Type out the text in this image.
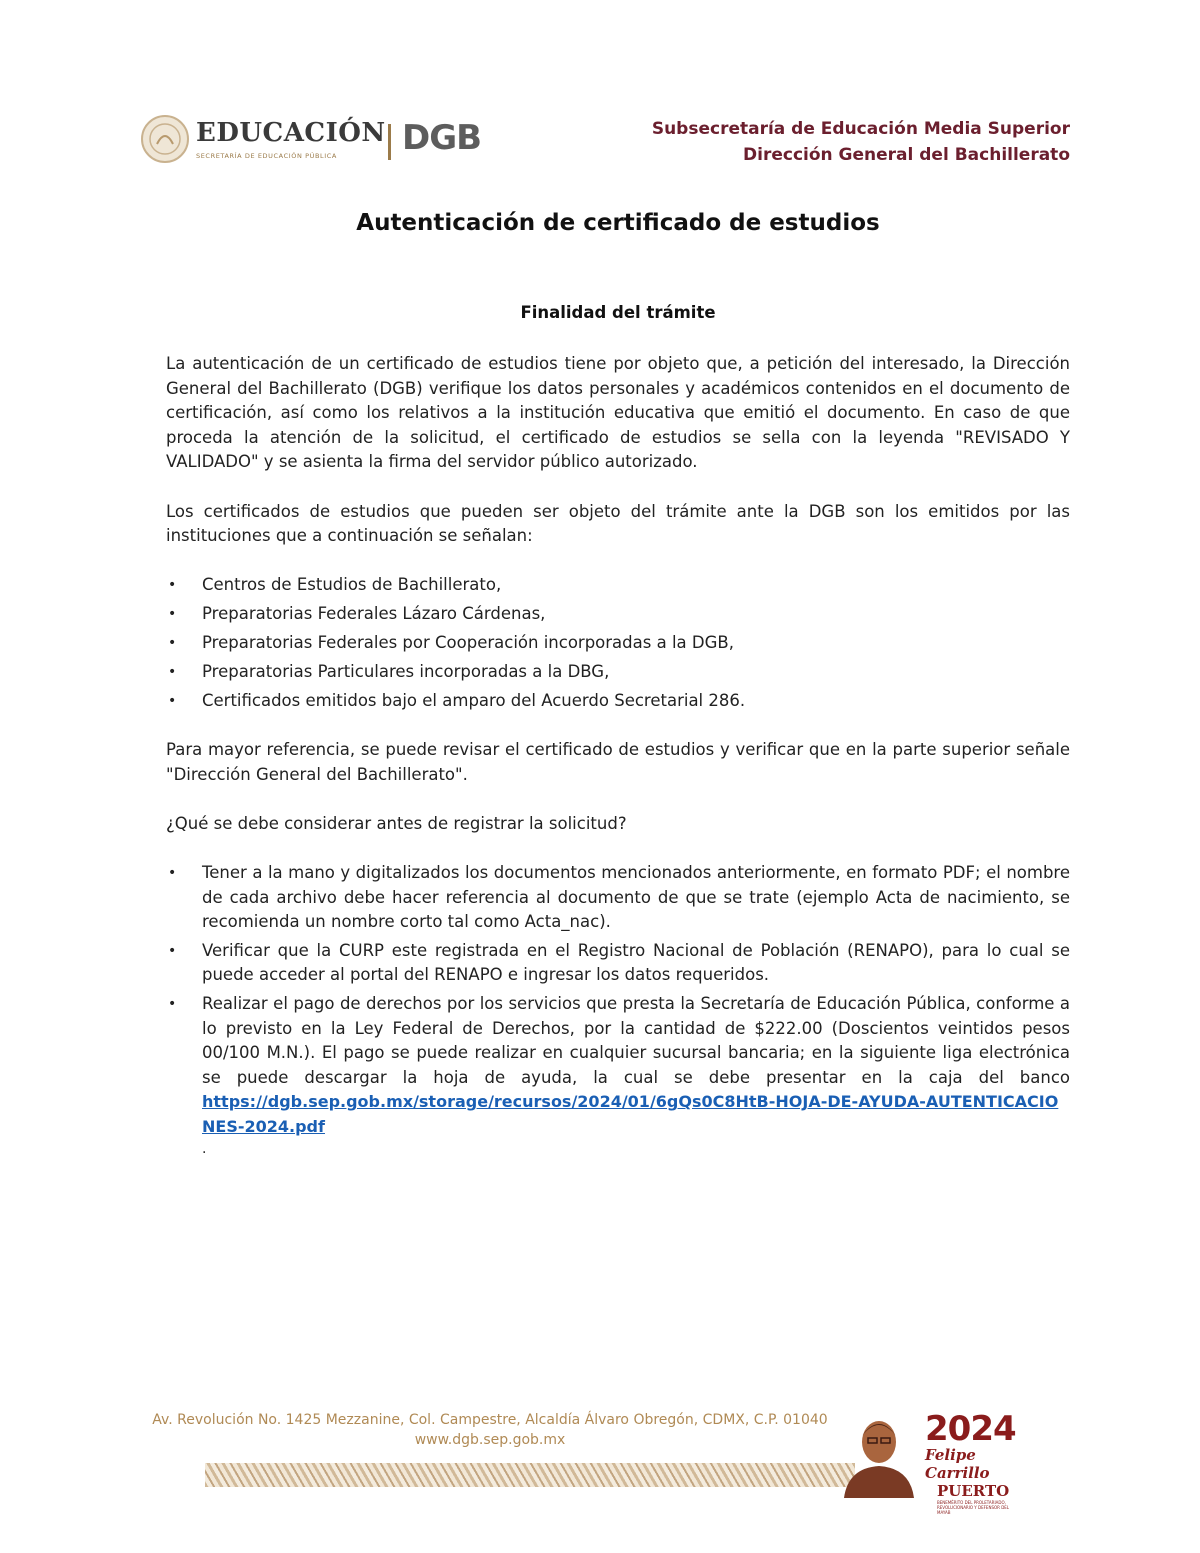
EDUCACIÓN
SECRETARÍA DE EDUCACIÓN PÚBLICA DGB	Subsecretaría de Educación Media Superior
Dirección General del Bachillerato
Autenticación de certificado de estudios
Finalidad del trámite

La autenticación de un certificado de estudios tiene por objeto que, a petición del interesado, la Dirección General del Bachillerato (DGB) verifique los datos personales y académicos contenidos en el documento de certificación, así como los relativos a la institución educativa que emitió el documento. En caso de que proceda la atención de la solicitud, el certificado de estudios se sella con la leyenda "REVISADO Y VALIDADO" y se asienta la firma del servidor público autorizado.

Los certificados de estudios que pueden ser objeto del trámite ante la DGB son los emitidos por las instituciones que a continuación se señalan:

• Centros de Estudios de Bachillerato,
• Preparatorias Federales Lázaro Cárdenas,
• Preparatorias Federales por Cooperación incorporadas a la DGB,
• Preparatorias Particulares incorporadas a la DBG,
• Certificados emitidos bajo el amparo del Acuerdo Secretarial 286.

Para mayor referencia, se puede revisar el certificado de estudios y verificar que en la parte superior señale "Dirección General del Bachillerato".

¿Qué se debe considerar antes de registrar la solicitud?

• Tener a la mano y digitalizados los documentos mencionados anteriormente, en formato PDF; el nombre de cada archivo debe hacer referencia al documento de que se trate (ejemplo Acta de nacimiento, se recomienda un nombre corto tal como Acta_nac).
• Verificar que la CURP este registrada en el Registro Nacional de Población (RENAPO), para lo cual se puede acceder al portal del RENAPO e ingresar los datos requeridos.
• Realizar el pago de derechos por los servicios que presta la Secretaría de Educación Pública, conforme a lo previsto en la Ley Federal de Derechos, por la cantidad de $222.00 (Doscientos veintidos pesos 00/100 M.N.). El pago se puede realizar en cualquier sucursal bancaria; en la siguiente liga electrónica se puede descargar la hoja de ayuda, la cual se debe presentar en la caja del banco
https://dgb.sep.gob.mx/storage/recursos/2024/01/6gQs0C8HtB-HOJA-DE-AYUDA-AUTENTICACIONES-2024.pdf
.
Av. Revolución No. 1425 Mezzanine, Col. Campestre, Alcaldía Álvaro Obregón, CDMX, C.P. 01040
www.dgb.sep.gob.mx	2024
Felipe Carrillo
PUERTO
BENEMÉRITO DEL PROLETARIADO, REVOLUCIONARIO Y DEFENSOR DEL MAYAB
